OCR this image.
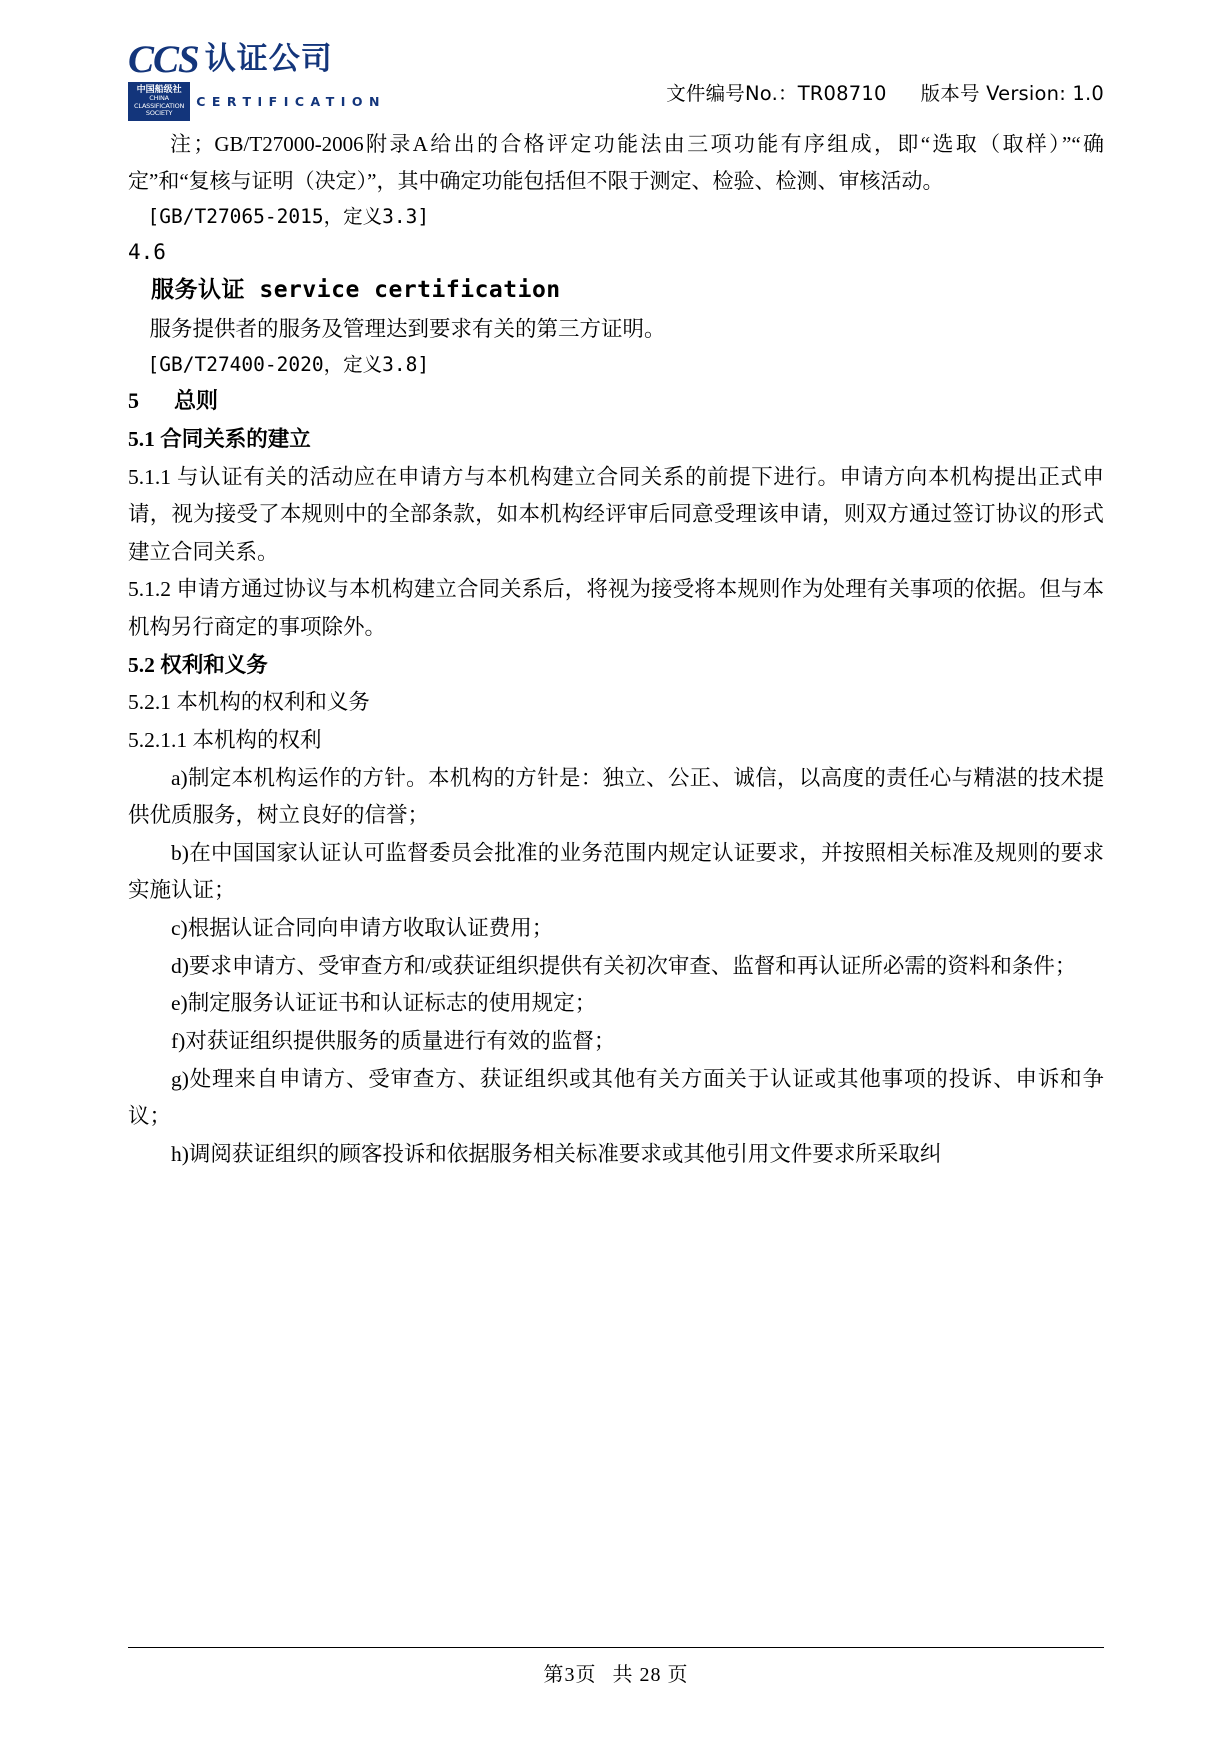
CCS 认证公司
中国船级社
CHINA CLASSIFICATION SOCIETY
CERTIFICATION	文件编号No.：TR08710 版本号 Version: 1.0

注；GB/T27000-2006附录A给出的合格评定功能法由三项功能有序组成，即“选取（取样）”“确定”和“复核与证明（决定）”，其中确定功能包括但不限于测定、检验、检测、审核活动。

[GB/T27065-2015，定义3.3]

4.6

服务认证 service certification

服务提供者的服务及管理达到要求有关的第三方证明。

[GB/T27400-2020，定义3.8]

5 总则

5.1 合同关系的建立

5.1.1 与认证有关的活动应在申请方与本机构建立合同关系的前提下进行。申请方向本机构提出正式申请，视为接受了本规则中的全部条款，如本机构经评审后同意受理该申请，则双方通过签订协议的形式建立合同关系。

5.1.2 申请方通过协议与本机构建立合同关系后，将视为接受将本规则作为处理有关事项的依据。但与本机构另行商定的事项除外。

5.2 权利和义务

5.2.1 本机构的权利和义务

5.2.1.1 本机构的权利

a)制定本机构运作的方针。本机构的方针是：独立、公正、诚信，以高度的责任心与精湛的技术提供优质服务，树立良好的信誉；

b)在中国国家认证认可监督委员会批准的业务范围内规定认证要求，并按照相关标准及规则的要求实施认证；

c)根据认证合同向申请方收取认证费用；

d)要求申请方、受审查方和/或获证组织提供有关初次审查、监督和再认证所必需的资料和条件；

e)制定服务认证证书和认证标志的使用规定；

f)对获证组织提供服务的质量进行有效的监督；

g)处理来自申请方、受审查方、获证组织或其他有关方面关于认证或其他事项的投诉、申诉和争议；

h)调阅获证组织的顾客投诉和依据服务相关标准要求或其他引用文件要求所采取纠

第3页 共 28 页
